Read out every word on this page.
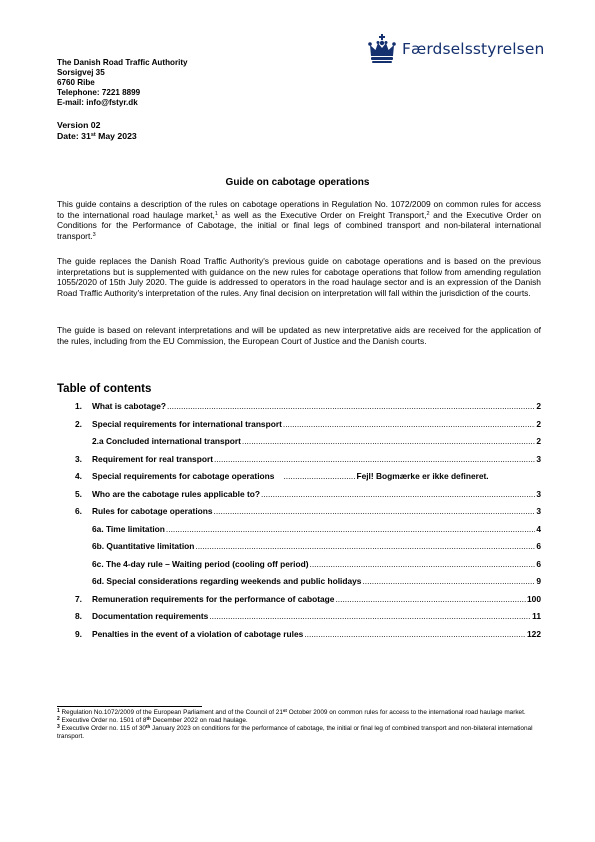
Færdselsstyrelsen
The Danish Road Traffic Authority
Sorsigvej 35
6760 Ribe
Telephone: 7221 8899
E-mail: info@fstyr.dk
Version 02
Date: 31st May 2023
Guide on cabotage operations
This guide contains a description of the rules on cabotage operations in Regulation No. 1072/2009 on common rules for access to the international road haulage market,$^1$ as well as the Executive Order on Freight Transport,$^2$ and the Executive Order on Conditions for the Performance of Cabotage, the initial or final legs of combined transport and non-bilateral international transport.$^3$
The guide replaces the Danish Road Traffic Authority's previous guide on cabotage operations and is based on the previous interpretations but is supplemented with guidance on the new rules for cabotage operations that follow from amending regulation 1055/2020 of 15th July 2020. The guide is addressed to operators in the road haulage sector and is an expression of the Danish Road Traffic Authority's interpretation of the rules. Any final decision on interpretation will fall within the jurisdiction of the courts.
The guide is based on relevant interpretations and will be updated as new interpretative aids are received for the application of the rules, including from the EU Commission, the European Court of Justice and the Danish courts.
Table of contents
1.	What is cabotage? .....	2
2.	Special requirements for international transport .....	2
2.a Concluded international transport .....	2
3.	Requirement for real transport .....	3
4.	Special requirements for cabotage operations .....	Fejl! Bogmærke er ikke defineret.
5.	Who are the cabotage rules applicable to? .....	3
6.	Rules for cabotage operations .....	3
6a. Time limitation .....	4
6b. Quantitative limitation .....	6
6c. The 4-day rule – Waiting period (cooling off period) .....	6
6d. Special considerations regarding weekends and public holidays .....	9
7.	Remuneration requirements for the performance of cabotage .....	100
8.	Documentation requirements .....	11
9.	Penalties in the event of a violation of cabotage rules .....	122
$^1$ Regulation No.1072/2009 of the European Parliament and of the Council of 21st October 2009 on common rules for access to the international road haulage market.
$^2$ Executive Order no. 1501 of 8th December 2022 on road haulage.
$^3$ Executive Order no. 115 of 30th January 2023 on conditions for the performance of cabotage, the initial or final leg of combined transport and non-bilateral international transport.
